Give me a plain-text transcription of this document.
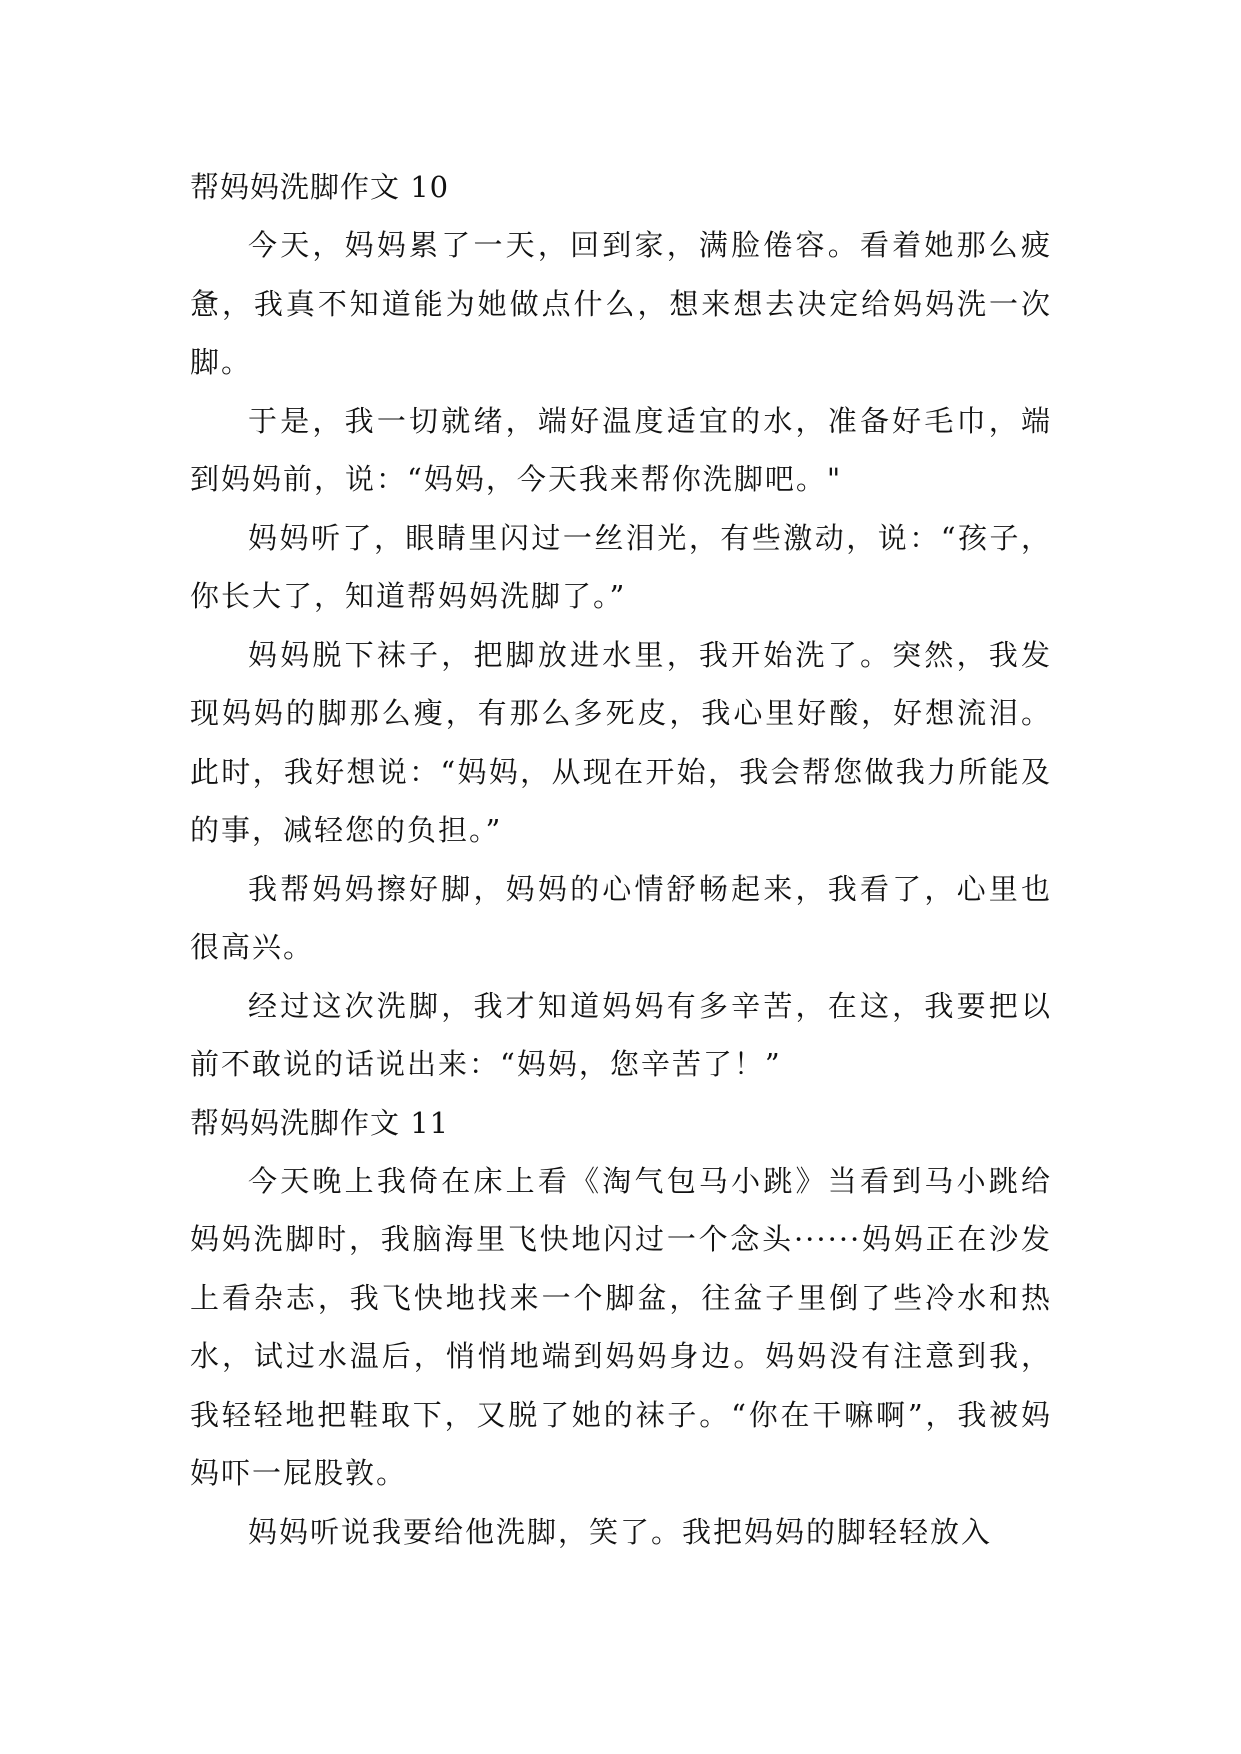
帮妈妈洗脚作文 10

今天，妈妈累了一天，回到家，满脸倦容。看着她那么疲惫，我真不知道能为她做点什么，想来想去决定给妈妈洗一次脚。

于是，我一切就绪，端好温度适宜的水，准备好毛巾，端到妈妈前，说：“妈妈，今天我来帮你洗脚吧。"

妈妈听了，眼睛里闪过一丝泪光，有些激动，说：“孩子，你长大了，知道帮妈妈洗脚了。”

妈妈脱下袜子，把脚放进水里，我开始洗了。突然，我发现妈妈的脚那么瘦，有那么多死皮，我心里好酸，好想流泪。此时，我好想说：“妈妈，从现在开始，我会帮您做我力所能及的事，减轻您的负担。”

我帮妈妈擦好脚，妈妈的心情舒畅起来，我看了，心里也很高兴。

经过这次洗脚，我才知道妈妈有多辛苦，在这，我要把以前不敢说的话说出来：“妈妈，您辛苦了！”

帮妈妈洗脚作文 11

今天晚上我倚在床上看《淘气包马小跳》当看到马小跳给妈妈洗脚时，我脑海里飞快地闪过一个念头······妈妈正在沙发上看杂志，我飞快地找来一个脚盆，往盆子里倒了些冷水和热水，试过水温后，悄悄地端到妈妈身边。妈妈没有注意到我，我轻轻地把鞋取下，又脱了她的袜子。“你在干嘛啊”，我被妈妈吓一屁股敦。

妈妈听说我要给他洗脚，笑了。我把妈妈的脚轻轻放入
